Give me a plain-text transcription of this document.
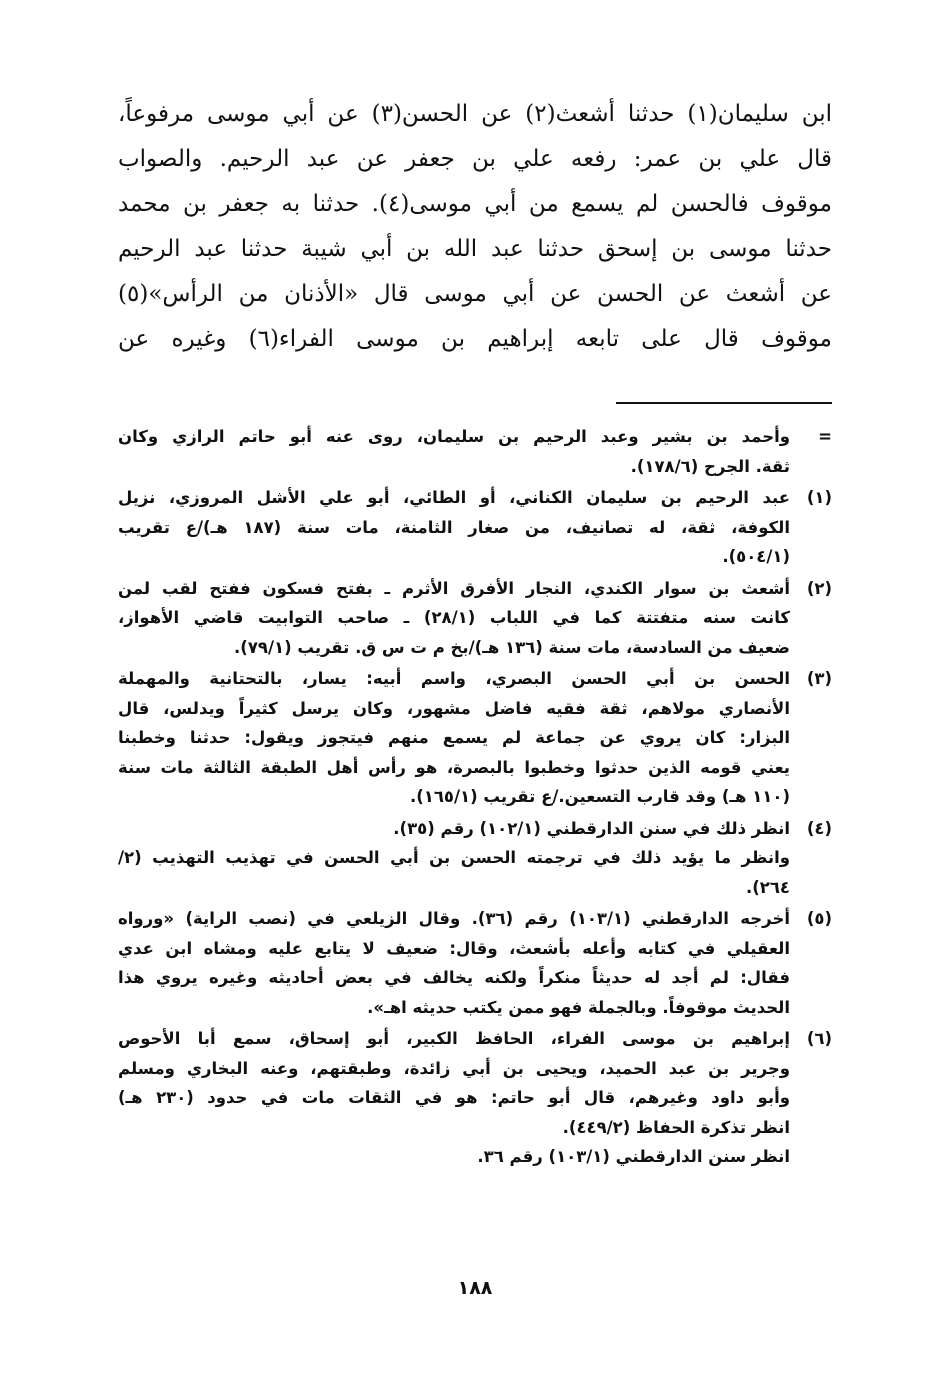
ابن سليمان(١) حدثنا أشعث(٢) عن الحسن(٣) عن أبي موسى مرفوعاً،
قال علي بن عمر: رفعه علي بن جعفر عن عبد الرحيم. والصواب
موقوف فالحسن لم يسمع من أبي موسى(٤). حدثنا به جعفر بن محمد
حدثنا موسى بن إسحق حدثنا عبد الله بن أبي شيبة حدثنا عبد الرحيم
عن أشعث عن الحسن عن أبي موسى قال «الأذنان من الرأس»(٥)
موقوف قال على تابعه إبراهيم بن موسى الفراء(٦) وغيره عن
=
وأحمد بن بشير وعبد الرحيم بن سليمان، روى عنه أبو حاتم الرازي وكان
ثقة. الجرح (١٧٨/٦).
(١)
عبد الرحيم بن سليمان الكناني، أو الطائي، أبو علي الأشل المروزي، نزيل
الكوفة، ثقة، له تصانيف، من صغار الثامنة، مات سنة (١٨٧ هـ)/ع تقريب
(٥٠٤/١).
(٢)
أشعث بن سوار الكندي، النجار الأفرق الأثرم ـ بفتح فسكون ففتح لقب لمن
كانت سنه متفتتة كما في اللباب (٢٨/١) ـ صاحب التوابيت قاضي الأهواز،
ضعيف من السادسة، مات سنة (١٣٦ هـ)/بخ م ت س ق. تقريب (٧٩/١).
(٣)
الحسن بن أبي الحسن البصري، واسم أبيه: يسار، بالتحتانية والمهملة
الأنصاري مولاهم، ثقة فقيه فاضل مشهور، وكان يرسل كثيراً ويدلس، قال
البزار: كان يروي عن جماعة لم يسمع منهم فيتجوز ويقول: حدثنا وخطبنا
يعني قومه الذين حدثوا وخطبوا بالبصرة، هو رأس أهل الطبقة الثالثة مات سنة
(١١٠ هـ) وقد قارب التسعين./ع تقريب (١٦٥/١).
(٤)
انظر ذلك في سنن الدارقطني (١٠٢/١) رقم (٣٥).
وانظر ما يؤيد ذلك في ترجمته الحسن بن أبي الحسن في تهذيب التهذيب (٢/
٢٦٤).
(٥)
أخرجه الدارقطني (١٠٣/١) رقم (٣٦). وقال الزيلعي في (نصب الراية) «ورواه
العقيلي في كتابه وأعله بأشعث، وقال: ضعيف لا يتابع عليه ومشاه ابن عدي
فقال: لم أجد له حديثاً منكراً ولكنه يخالف في بعض أحاديثه وغيره يروي هذا
الحديث موقوفاً. وبالجملة فهو ممن يكتب حديثه اهـ».
(٦)
إبراهيم بن موسى الفراء، الحافظ الكبير، أبو إسحاق، سمع أبا الأحوص
وجرير بن عبد الحميد، ويحيى بن أبي زائدة، وطبقتهم، وعنه البخاري ومسلم
وأبو داود وغيرهم، قال أبو حاتم: هو في الثقات مات في حدود (٢٣٠ هـ)
انظر تذكرة الحفاظ (٤٤٩/٢).
انظر سنن الدارقطني (١٠٣/١) رقم ٣٦.
١٨٨
